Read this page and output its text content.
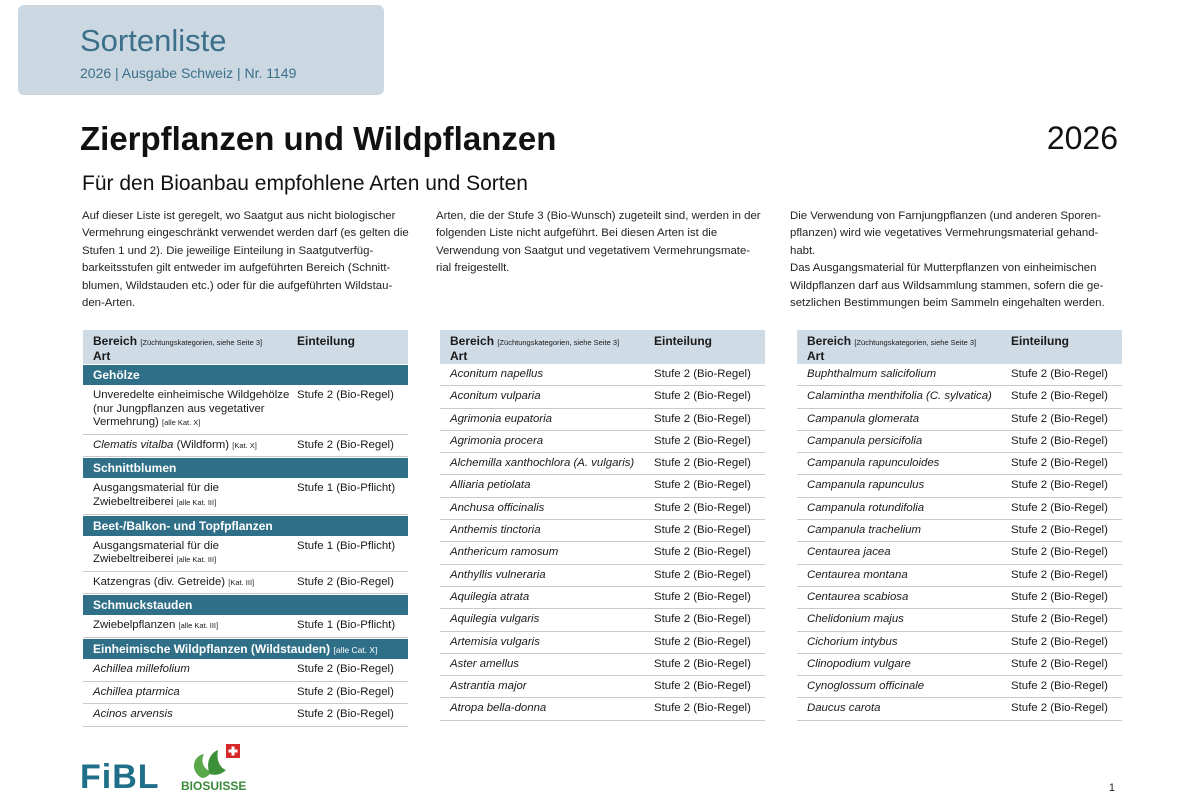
Sortenliste
2026 | Ausgabe Schweiz | Nr. 1149
Zierpflanzen und Wildpflanzen	2026
Für den Bioanbau empfohlene Arten und Sorten

Auf dieser Liste ist geregelt, wo Saatgut aus nicht biologischer Vermehrung eingeschränkt verwendet werden darf (es gelten die Stufen 1 und 2). Die jeweilige Einteilung in Saatgutverfüg-barkeitsstufen gilt entweder im aufgeführten Bereich (Schnitt-blumen, Wildstauden etc.) oder für die aufgeführten Wildstau-den-Arten.

Arten, die der Stufe 3 (Bio-Wunsch) zugeteilt sind, werden in der folgenden Liste nicht aufgeführt. Bei diesen Arten ist die Verwendung von Saatgut und vegetativem Vermehrungsmate-rial freigestellt.

Die Verwendung von Farnjungpflanzen (und anderen Sporen-pflanzen) wird wie vegetatives Vermehrungsmaterial gehand-habt.

Das Ausgangsmaterial für Mutterpflanzen von einheimischen Wildpflanzen darf aus Wildsammlung stammen, sofern die ge-setzlichen Bestimmungen beim Sammeln eingehalten werden.

Bereich [Züchtungskategorien, siehe Seite 3]
Art
Einteilung
Gehölze
Unveredelte einheimische Wildgehölze (nur Jungpflanzen aus vegetativer Vermehrung) [alle Kat. X]
Stufe 2 (Bio-Regel)
Clematis vitalba (Wildform) [Kat. X]	Stufe 2 (Bio-Regel)
Schnittblumen
Ausgangsmaterial für die Zwiebeltreiberei [alle Kat. III]
Stufe 1 (Bio-Pflicht)
Beet-/Balkon- und Topfpflanzen
Ausgangsmaterial für die Zwiebeltreiberei [alle Kat. III]
Stufe 1 (Bio-Pflicht)
Katzengras (div. Getreide) [Kat. III]	Stufe 2 (Bio-Regel)
Schmuckstauden
Zwiebelpflanzen [alle Kat. III]	Stufe 1 (Bio-Pflicht)
Einheimische Wildpflanzen (Wildstauden) [alle Cat. X]
Achillea millefolium	Stufe 2 (Bio-Regel)
Achillea ptarmica	Stufe 2 (Bio-Regel)
Acinos arvensis	Stufe 2 (Bio-Regel)
Bereich [Züchtungskategorien, siehe Seite 3]
Art
Einteilung
Aconitum napellus	Stufe 2 (Bio-Regel)
Aconitum vulparia	Stufe 2 (Bio-Regel)
Agrimonia eupatoria	Stufe 2 (Bio-Regel)
Agrimonia procera	Stufe 2 (Bio-Regel)
Alchemilla xanthochlora (A. vulgaris)	Stufe 2 (Bio-Regel)
Alliaria petiolata	Stufe 2 (Bio-Regel)
Anchusa officinalis	Stufe 2 (Bio-Regel)
Anthemis tinctoria	Stufe 2 (Bio-Regel)
Anthericum ramosum	Stufe 2 (Bio-Regel)
Anthyllis vulneraria	Stufe 2 (Bio-Regel)
Aquilegia atrata	Stufe 2 (Bio-Regel)
Aquilegia vulgaris	Stufe 2 (Bio-Regel)
Artemisia vulgaris	Stufe 2 (Bio-Regel)
Aster amellus	Stufe 2 (Bio-Regel)
Astrantia major	Stufe 2 (Bio-Regel)
Atropa bella-donna	Stufe 2 (Bio-Regel)
Bereich [Züchtungskategorien, siehe Seite 3]
Art
Einteilung
Buphthalmum salicifolium	Stufe 2 (Bio-Regel)
Calamintha menthifolia (C. sylvatica)	Stufe 2 (Bio-Regel)
Campanula glomerata	Stufe 2 (Bio-Regel)
Campanula persicifolia	Stufe 2 (Bio-Regel)
Campanula rapunculoides	Stufe 2 (Bio-Regel)
Campanula rapunculus	Stufe 2 (Bio-Regel)
Campanula rotundifolia	Stufe 2 (Bio-Regel)
Campanula trachelium	Stufe 2 (Bio-Regel)
Centaurea jacea	Stufe 2 (Bio-Regel)
Centaurea montana	Stufe 2 (Bio-Regel)
Centaurea scabiosa	Stufe 2 (Bio-Regel)
Chelidonium majus	Stufe 2 (Bio-Regel)
Cichorium intybus	Stufe 2 (Bio-Regel)
Clinopodium vulgare	Stufe 2 (Bio-Regel)
Cynoglossum officinale	Stufe 2 (Bio-Regel)
Daucus carota	Stufe 2 (Bio-Regel)
FiBL BIOSUISSE	1
